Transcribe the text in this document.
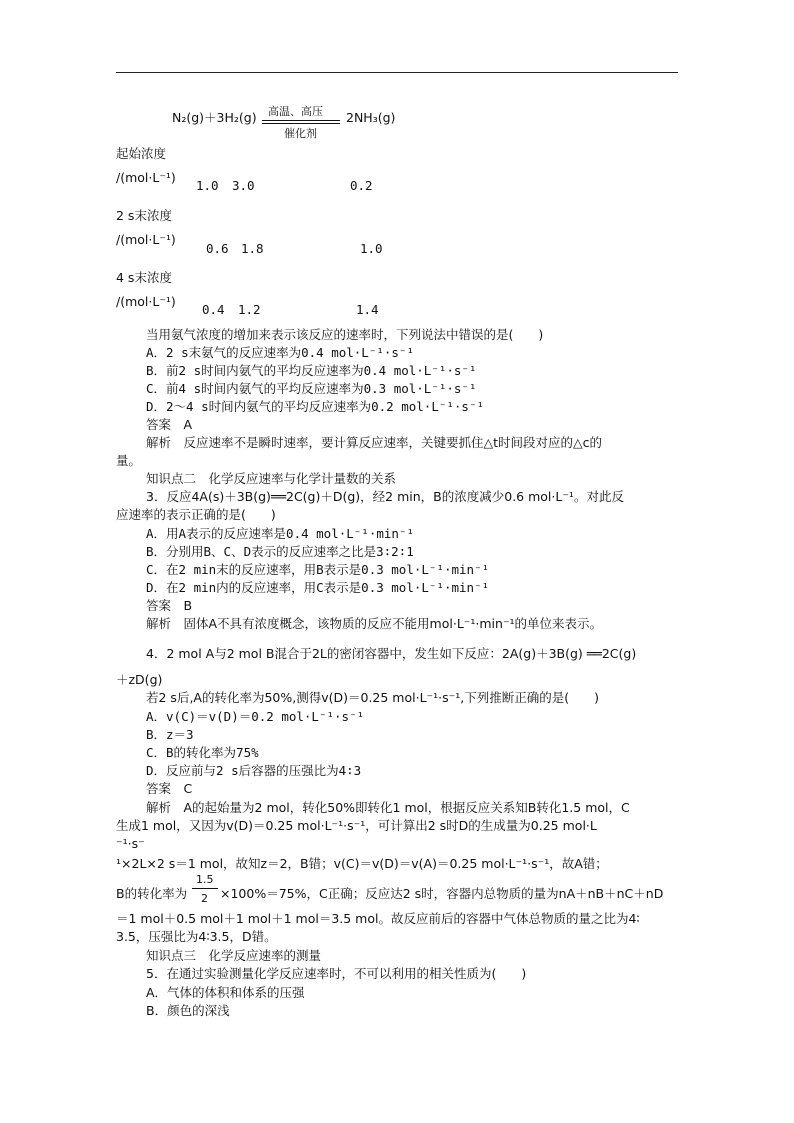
N₂(g)＋3H₂(g) 高温、高压
催化剂
2NH₃(g)
起始浓度
/(mol·L⁻¹)
1.0 3.0	0.2
2 s末浓度
/(mol·L⁻¹)
0.6 1.8	1.0
4 s末浓度
/(mol·L⁻¹)
0.4 1.2	1.4
当用氨气浓度的增加来表示该反应的速率时，下列说法中错误的是(　　)
A．2 s末氨气的反应速率为0.4 mol·L⁻¹·s⁻¹
B．前2 s时间内氨气的平均反应速率为0.4 mol·L⁻¹·s⁻¹
C．前4 s时间内氨气的平均反应速率为0.3 mol·L⁻¹·s⁻¹
D．2～4 s时间内氨气的平均反应速率为0.2 mol·L⁻¹·s⁻¹
答案　A
解析　反应速率不是瞬时速率，要计算反应速率，关键要抓住△t时间段对应的△c的
量。
知识点二　化学反应速率与化学计量数的关系
3．反应4A(s)＋3B(g)══2C(g)＋D(g)，经2 min，B的浓度减少0.6 mol·L⁻¹。对此反
应速率的表示正确的是(　　)
A．用A表示的反应速率是0.4 mol·L⁻¹·min⁻¹
B．分别用B、C、D表示的反应速率之比是3∶2∶1
C．在2 min末的反应速率，用B表示是0.3 mol·L⁻¹·min⁻¹
D．在2 min内的反应速率，用C表示是0.3 mol·L⁻¹·min⁻¹
答案　B
解析　固体A不具有浓度概念，该物质的反应不能用mol·L⁻¹·min⁻¹的单位来表示。
4．2 mol A与2 mol B混合于2L的密闭容器中，发生如下反应：2A(g)＋3B(g) ══2C(g)
＋zD(g)
若2 s后,A的转化率为50%,测得v(D)＝0.25 mol·L⁻¹·s⁻¹,下列推断正确的是(　　)
A．v(C)＝v(D)＝0.2 mol·L⁻¹·s⁻¹
B．z＝3
C．B的转化率为75%
D．反应前与2 s后容器的压强比为4∶3
答案　C
解析　A的起始量为2 mol，转化50%即转化1 mol，根据反应关系知B转化1.5 mol，C
生成1 mol，又因为v(D)＝0.25 mol·L⁻¹·s⁻¹，可计算出2 s时D的生成量为0.25 mol·L
⁻¹·s⁻
¹×2L×2 s＝1 mol，故知z＝2，B错；v(C)＝v(D)＝v(A)＝0.25 mol·L⁻¹·s⁻¹，故A错；
B的转化率为
1.5
2 ×100%＝75%，C正确；反应达2 s时，容器内总物质的量为nA＋nB＋nC＋nD
＝1 mol＋0.5 mol＋1 mol＋1 mol＝3.5 mol。故反应前后的容器中气体总物质的量之比为4∶
3.5，压强比为4∶3.5，D错。
知识点三　化学反应速率的测量
5．在通过实验测量化学反应速率时，不可以利用的相关性质为(　　)
A．气体的体积和体系的压强
B．颜色的深浅
